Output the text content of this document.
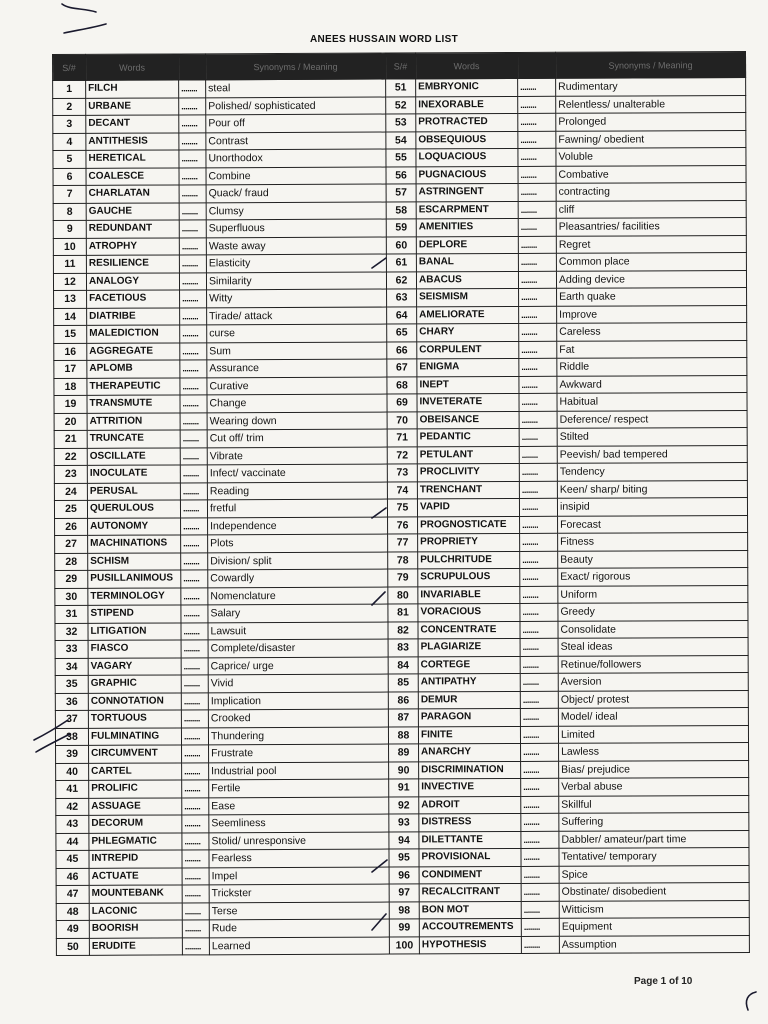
ANEES HUSSAIN WORD LIST
S/#	Words		Synonyms / Meaning	S/#	Words		Synonyms / Meaning
1	FILCH	........	steal	51	EMBRYONIC	........	Rudimentary
2	URBANE	........	Polished/ sophisticated	52	INEXORABLE	........	Relentless/ unalterable
3	DECANT	........	Pour off	53	PROTRACTED	........	Prolonged
4	ANTITHESIS	........	Contrast	54	OBSEQUIOUS	........	Fawning/ obedient
5	HERETICAL	........	Unorthodox	55	LOQUACIOUS	........	Voluble
6	COALESCE	........	Combine	56	PUGNACIOUS	........	Combative
7	CHARLATAN	........	Quack/ fraud	57	ASTRINGENT	........	contracting
8	GAUCHE	........	Clumsy	58	ESCARPMENT	........	cliff
9	REDUNDANT	........	Superfluous	59	AMENITIES	........	Pleasantries/ facilities
10	ATROPHY	........	Waste away	60	DEPLORE	........	Regret
11	RESILIENCE	........	Elasticity	61	BANAL	........	Common place
12	ANALOGY	........	Similarity	62	ABACUS	........	Adding device
13	FACETIOUS	........	Witty	63	SEISMISM	........	Earth quake
14	DIATRIBE	........	Tirade/ attack	64	AMELIORATE	........	Improve
15	MALEDICTION	........	curse	65	CHARY	........	Careless
16	AGGREGATE	........	Sum	66	CORPULENT	........	Fat
17	APLOMB	........	Assurance	67	ENIGMA	........	Riddle
18	THERAPEUTIC	........	Curative	68	INEPT	........	Awkward
19	TRANSMUTE	........	Change	69	INVETERATE	........	Habitual
20	ATTRITION	........	Wearing down	70	OBEISANCE	........	Deference/ respect
21	TRUNCATE	........	Cut off/ trim	71	PEDANTIC	........	Stilted
22	OSCILLATE	........	Vibrate	72	PETULANT	........	Peevish/ bad tempered
23	INOCULATE	........	Infect/ vaccinate	73	PROCLIVITY	........	Tendency
24	PERUSAL	........	Reading	74	TRENCHANT	........	Keen/ sharp/ biting
25	QUERULOUS	........	fretful	75	VAPID	........	insipid
26	AUTONOMY	........	Independence	76	PROGNOSTICATE	........	Forecast
27	MACHINATIONS	........	Plots	77	PROPRIETY	........	Fitness
28	SCHISM	........	Division/ split	78	PULCHRITUDE	........	Beauty
29	PUSILLANIMOUS	........	Cowardly	79	SCRUPULOUS	........	Exact/ rigorous
30	TERMINOLOGY	........	Nomenclature	80	INVARIABLE	........	Uniform
31	STIPEND	........	Salary	81	VORACIOUS	........	Greedy
32	LITIGATION	........	Lawsuit	82	CONCENTRATE	........	Consolidate
33	FIASCO	........	Complete/disaster	83	PLAGIARIZE	........	Steal ideas
34	VAGARY	........	Caprice/ urge	84	CORTEGE	........	Retinue/followers
35	GRAPHIC	........	Vivid	85	ANTIPATHY	........	Aversion
36	CONNOTATION	........	Implication	86	DEMUR	........	Object/ protest
37	TORTUOUS	........	Crooked	87	PARAGON	........	Model/ ideal
38	FULMINATING	........	Thundering	88	FINITE	........	Limited
39	CIRCUMVENT	........	Frustrate	89	ANARCHY	........	Lawless
40	CARTEL	........	Industrial pool	90	DISCRIMINATION	........	Bias/ prejudice
41	PROLIFIC	........	Fertile	91	INVECTIVE	........	Verbal abuse
42	ASSUAGE	........	Ease	92	ADROIT	........	Skillful
43	DECORUM	........	Seemliness	93	DISTRESS	........	Suffering
44	PHLEGMATIC	........	Stolid/ unresponsive	94	DILETTANTE	........	Dabbler/ amateur/part time
45	INTREPID	........	Fearless	95	PROVISIONAL	........	Tentative/ temporary
46	ACTUATE	........	Impel	96	CONDIMENT	........	Spice
47	MOUNTEBANK	........	Trickster	97	RECALCITRANT	........	Obstinate/ disobedient
48	LACONIC	........	Terse	98	BON MOT	........	Witticism
49	BOORISH	........	Rude	99	ACCOUTREMENTS	........	Equipment
50	ERUDITE	........	Learned	100	HYPOTHESIS	........	Assumption
Page 1 of 10
